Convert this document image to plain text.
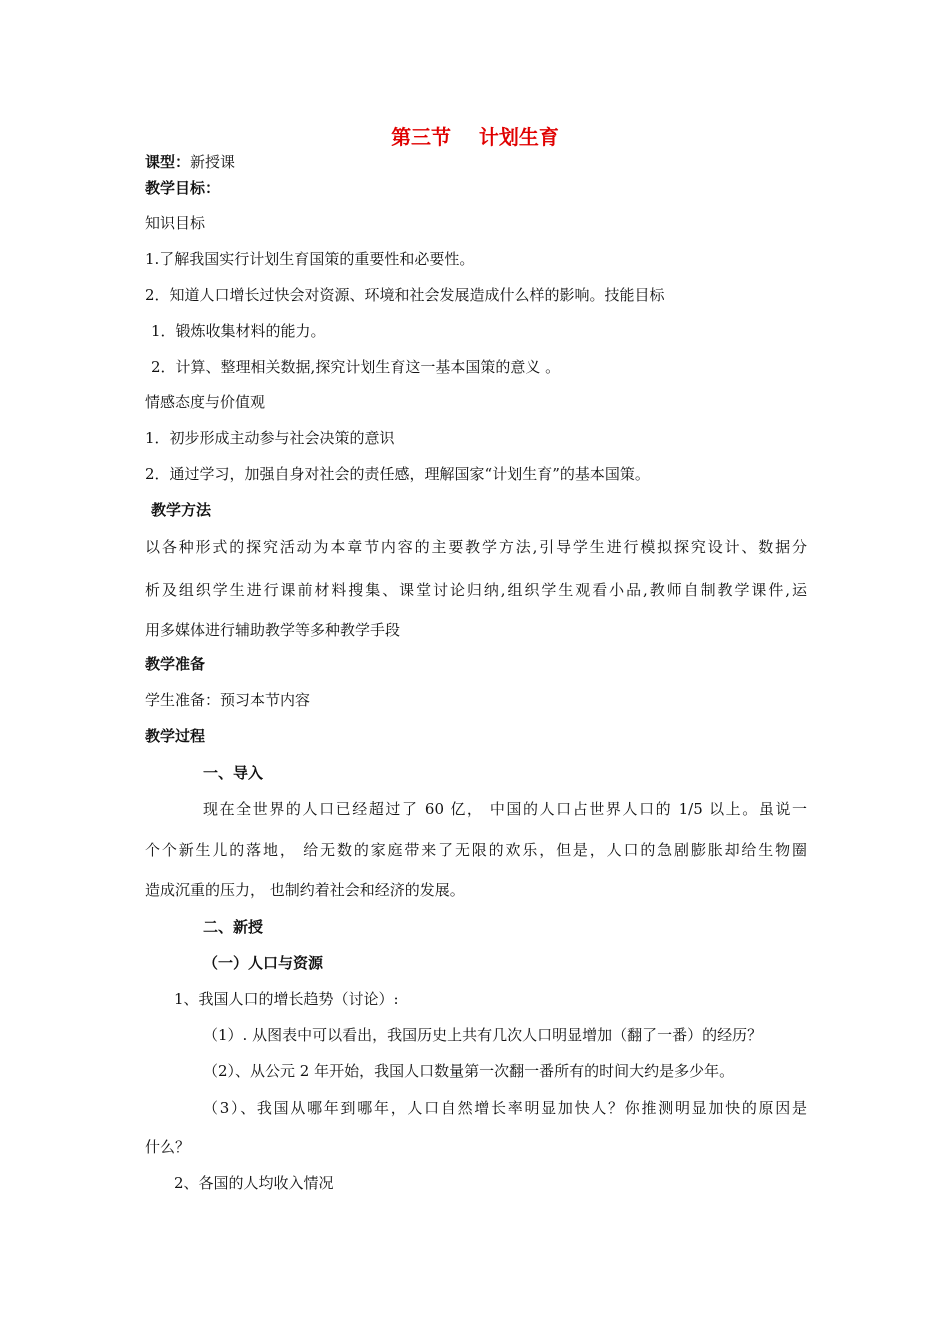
第三节    计划生育
课型：新授课
教学目标：
知识目标
1.了解我国实行计划生育国策的重要性和必要性。
2．知道人口增长过快会对资源、环境和社会发展造成什么样的影响。技能目标
1．锻炼收集材料的能力。
2．计算、整理相关数据,探究计划生育这一基本国策的意义 。
情感态度与价值观
1．初步形成主动参与社会决策的意识
2．通过学习，加强自身对社会的责任感，理解国家“计划生育”的基本国策。
教学方法
以各种形式的探究活动为本章节内容的主要教学方法,引导学生进行模拟探究设计、数据分
析及组织学生进行课前材料搜集、课堂讨论归纳,组织学生观看小品,教师自制教学课件,运
用多媒体进行辅助教学等多种教学手段
教学准备
学生准备：预习本节内容
教学过程
一、导入
现在全世界的人口已经超过了 60 亿， 中国的人口占世界人口的 1/5 以上。虽说一
个个新生儿的落地， 给无数的家庭带来了无限的欢乐，但是，人口的急剧膨胀却给生物圈
造成沉重的压力， 也制约着社会和经济的发展。
二、新授
（一）人口与资源
1、我国人口的增长趋势（讨论）:
（1）. 从图表中可以看出，我国历史上共有几次人口明显增加（翻了一番）的经历？
（2）、从公元 2 年开始，我国人口数量第一次翻一番所有的时间大约是多少年。
（3）、我国从哪年到哪年，人口自然增长率明显加快人？你推测明显加快的原因是
什么？
2、各国的人均收入情况
